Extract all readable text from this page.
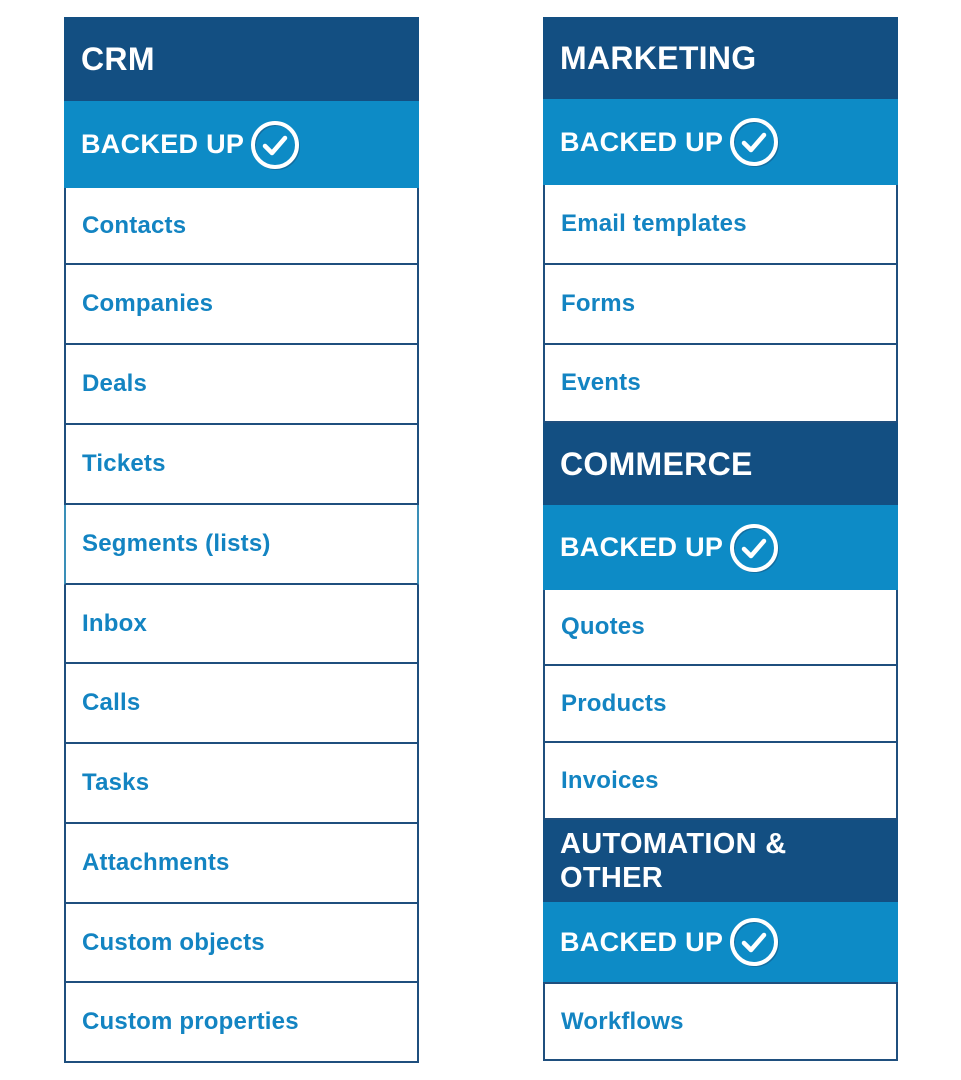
CRM
BACKED UP
Contacts
Companies
Deals
Tickets
Segments (lists)
Inbox
Calls
Tasks
Attachments
Custom objects
Custom properties
MARKETING
BACKED UP
Email templates
Forms
Events
COMMERCE
BACKED UP
Quotes
Products
Invoices
AUTOMATION &
OTHER
BACKED UP
Workflows
